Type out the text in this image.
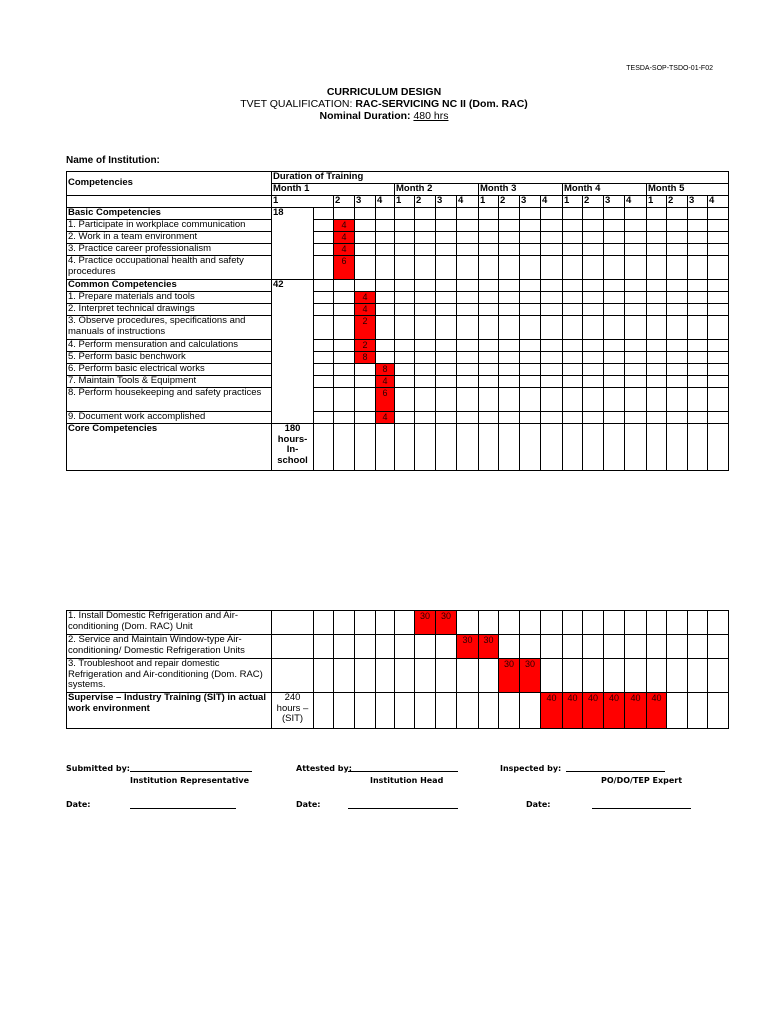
TESDA-SOP-TSDO-01-F02
CURRICULUM DESIGN
TVET QUALIFICATION: RAC-SERVICING NC II (Dom. RAC)
Nominal Duration: 480 hrs
Name of Institution:
Competencies	Duration of Training																				
	Month 1					Month 2				Month 3				Month 4				Month 5			
	1		2	3	4	1	2	3	4	1	2	3	4	1	2	3	4	1	2	3	4
Basic Competencies	18																				
1. Participate in workplace communication			4																		

2. Work in a team environment			4																		

3. Practice career professionalism			4																		

4. Practice occupational health and safety procedures			6																		

Common Competencies	42																				
1. Prepare materials and tools				4																	

2. Interpret technical drawings				4																	

3. Observe procedures, specifications and manuals of instructions				2																	

4. Perform mensuration and calculations				2																	

5. Perform basic benchwork				8																	

6. Perform basic electrical works					8																

7. Maintain Tools & Equipment					4																

8. Perform housekeeping and safety practices					6																

9. Document work accomplished					4																

Core Competencies	180 hours- In-school																				
1. Install Domestic Refrigeration and Air-conditioning (Dom. RAC) Unit							30	30													

2. Service and Maintain Window-type Air-conditioning/ Domestic Refrigeration Units									30	30											

3. Troubleshoot and repair domestic Refrigeration and Air-conditioning (Dom. RAC) systems.											30	30									

Supervise – Industry Training (SIT) in actual work environment	240 hours – (SIT)												40	40	40	40	40	40			

Submitted by:
Institution Representative
Attested by:
Institution Head
Inspected by:
PO/DO/TEP Expert
Date:	Date:	Date:
